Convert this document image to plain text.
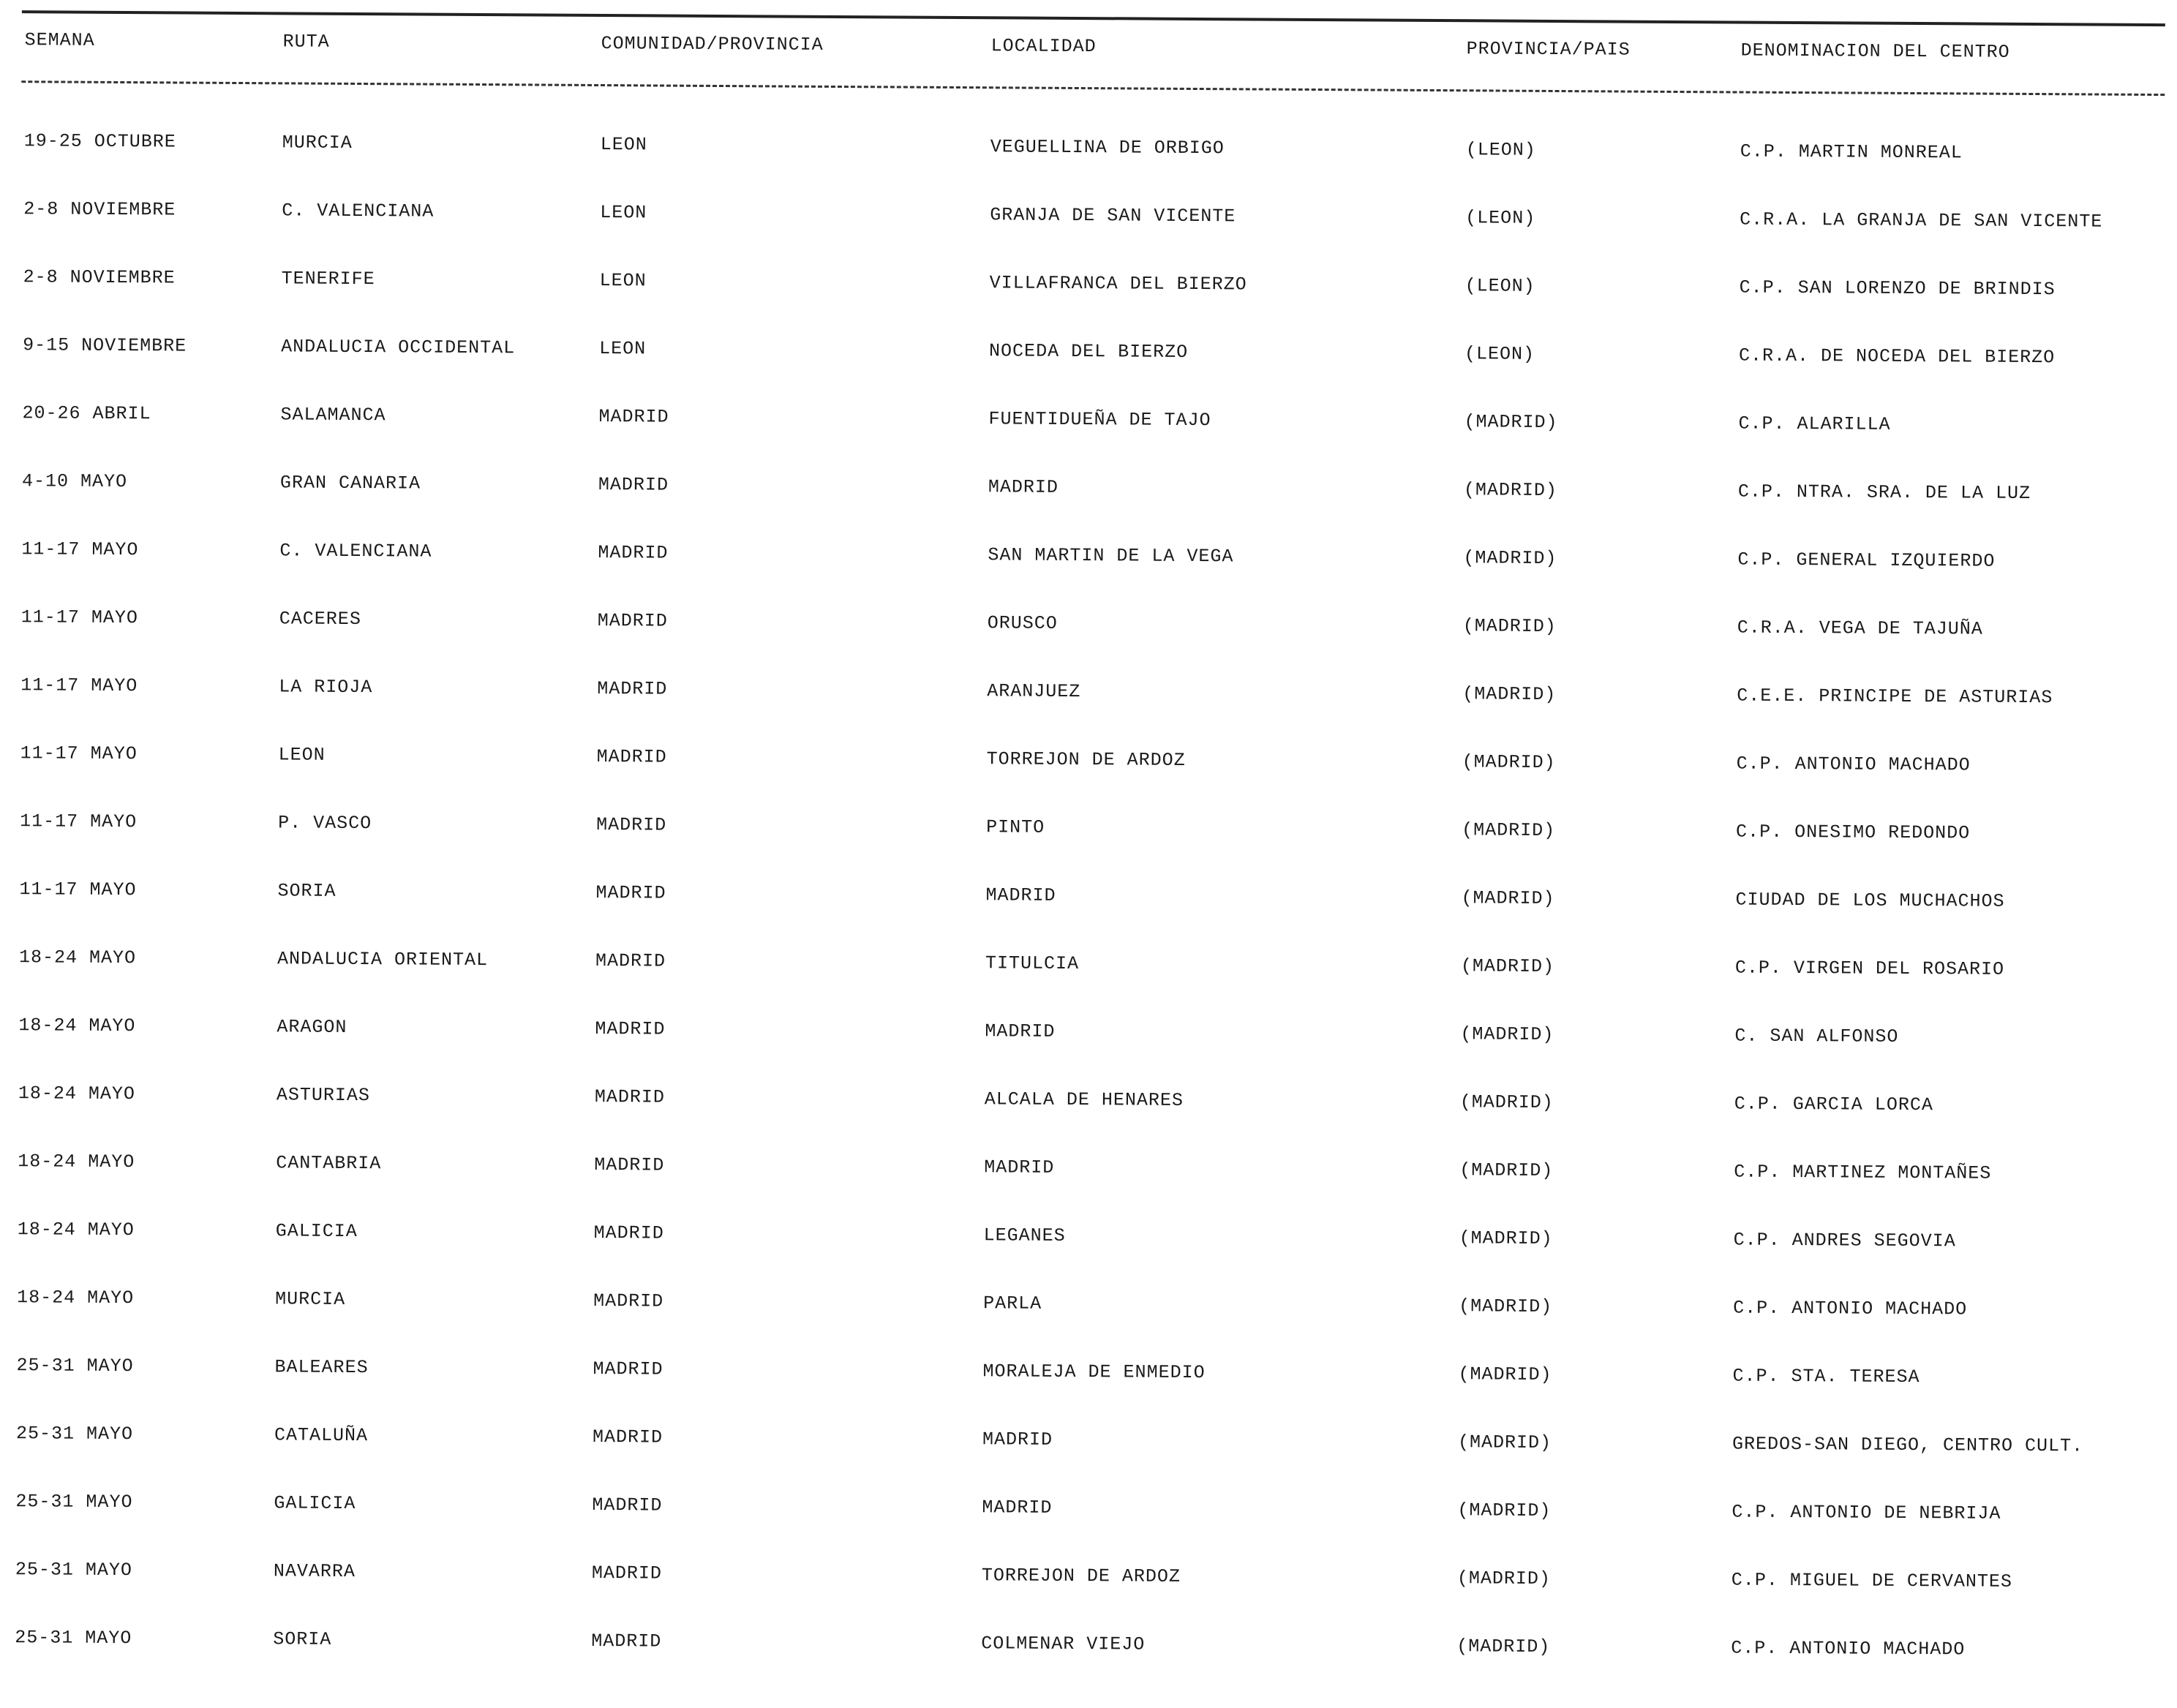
SEMANA	RUTA	COMUNIDAD/PROVINCIA	LOCALIDAD	PROVINCIA/PAIS	DENOMINACION DEL CENTRO
19-25 OCTUBRE	MURCIA	LEON	VEGUELLINA DE ORBIGO	(LEON)	C.P. MARTIN MONREAL
2-8 NOVIEMBRE	C. VALENCIANA	LEON	GRANJA DE SAN VICENTE	(LEON)	C.R.A. LA GRANJA DE SAN VICENTE
2-8 NOVIEMBRE	TENERIFE	LEON	VILLAFRANCA DEL BIERZO	(LEON)	C.P. SAN LORENZO DE BRINDIS
9-15 NOVIEMBRE	ANDALUCIA OCCIDENTAL	LEON	NOCEDA DEL BIERZO	(LEON)	C.R.A. DE NOCEDA DEL BIERZO
20-26 ABRIL	SALAMANCA	MADRID	FUENTIDUEÑA DE TAJO	(MADRID)	C.P. ALARILLA
4-10 MAYO	GRAN CANARIA	MADRID	MADRID	(MADRID)	C.P. NTRA. SRA. DE LA LUZ
11-17 MAYO	C. VALENCIANA	MADRID	SAN MARTIN DE LA VEGA	(MADRID)	C.P. GENERAL IZQUIERDO
11-17 MAYO	CACERES	MADRID	ORUSCO	(MADRID)	C.R.A. VEGA DE TAJUÑA
11-17 MAYO	LA RIOJA	MADRID	ARANJUEZ	(MADRID)	C.E.E. PRINCIPE DE ASTURIAS
11-17 MAYO	LEON	MADRID	TORREJON DE ARDOZ	(MADRID)	C.P. ANTONIO MACHADO
11-17 MAYO	P. VASCO	MADRID	PINTO	(MADRID)	C.P. ONESIMO REDONDO
11-17 MAYO	SORIA	MADRID	MADRID	(MADRID)	CIUDAD DE LOS MUCHACHOS
18-24 MAYO	ANDALUCIA ORIENTAL	MADRID	TITULCIA	(MADRID)	C.P. VIRGEN DEL ROSARIO
18-24 MAYO	ARAGON	MADRID	MADRID	(MADRID)	C. SAN ALFONSO
18-24 MAYO	ASTURIAS	MADRID	ALCALA DE HENARES	(MADRID)	C.P. GARCIA LORCA
18-24 MAYO	CANTABRIA	MADRID	MADRID	(MADRID)	C.P. MARTINEZ MONTAÑES
18-24 MAYO	GALICIA	MADRID	LEGANES	(MADRID)	C.P. ANDRES SEGOVIA
18-24 MAYO	MURCIA	MADRID	PARLA	(MADRID)	C.P. ANTONIO MACHADO
25-31 MAYO	BALEARES	MADRID	MORALEJA DE ENMEDIO	(MADRID)	C.P. STA. TERESA
25-31 MAYO	CATALUÑA	MADRID	MADRID	(MADRID)	GREDOS-SAN DIEGO, CENTRO CULT.
25-31 MAYO	GALICIA	MADRID	MADRID	(MADRID)	C.P. ANTONIO DE NEBRIJA
25-31 MAYO	NAVARRA	MADRID	TORREJON DE ARDOZ	(MADRID)	C.P. MIGUEL DE CERVANTES
25-31 MAYO	SORIA	MADRID	COLMENAR VIEJO	(MADRID)	C.P. ANTONIO MACHADO
